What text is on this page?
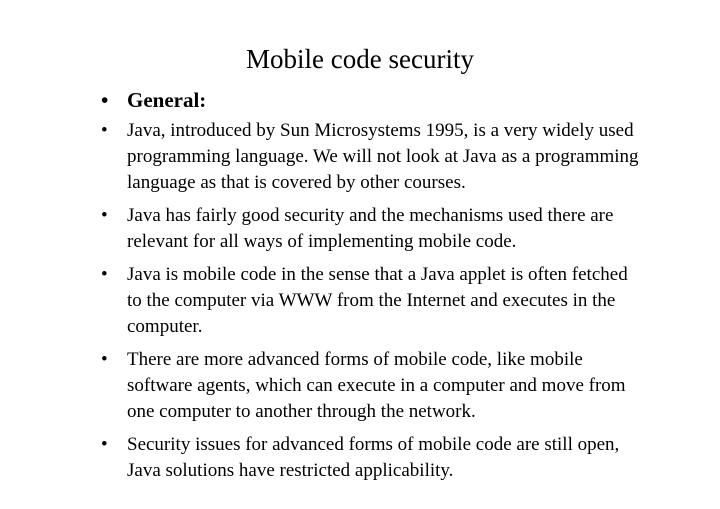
Mobile code security
• General:
• Java, introduced by Sun Microsystems 1995, is a very widely used programming language. We will not look at Java as a programming language as that is covered by other courses.
• Java has fairly good security and the mechanisms used there are relevant for all ways of implementing mobile code.
• Java is mobile code in the sense that a Java applet is often fetched to the computer via WWW from the Internet and executes in the computer.
• There are more advanced forms of mobile code, like mobile software agents, which can execute in a computer and move from one computer to another through the network.
• Security issues for advanced forms of mobile code are still open, Java solutions have restricted applicability.
